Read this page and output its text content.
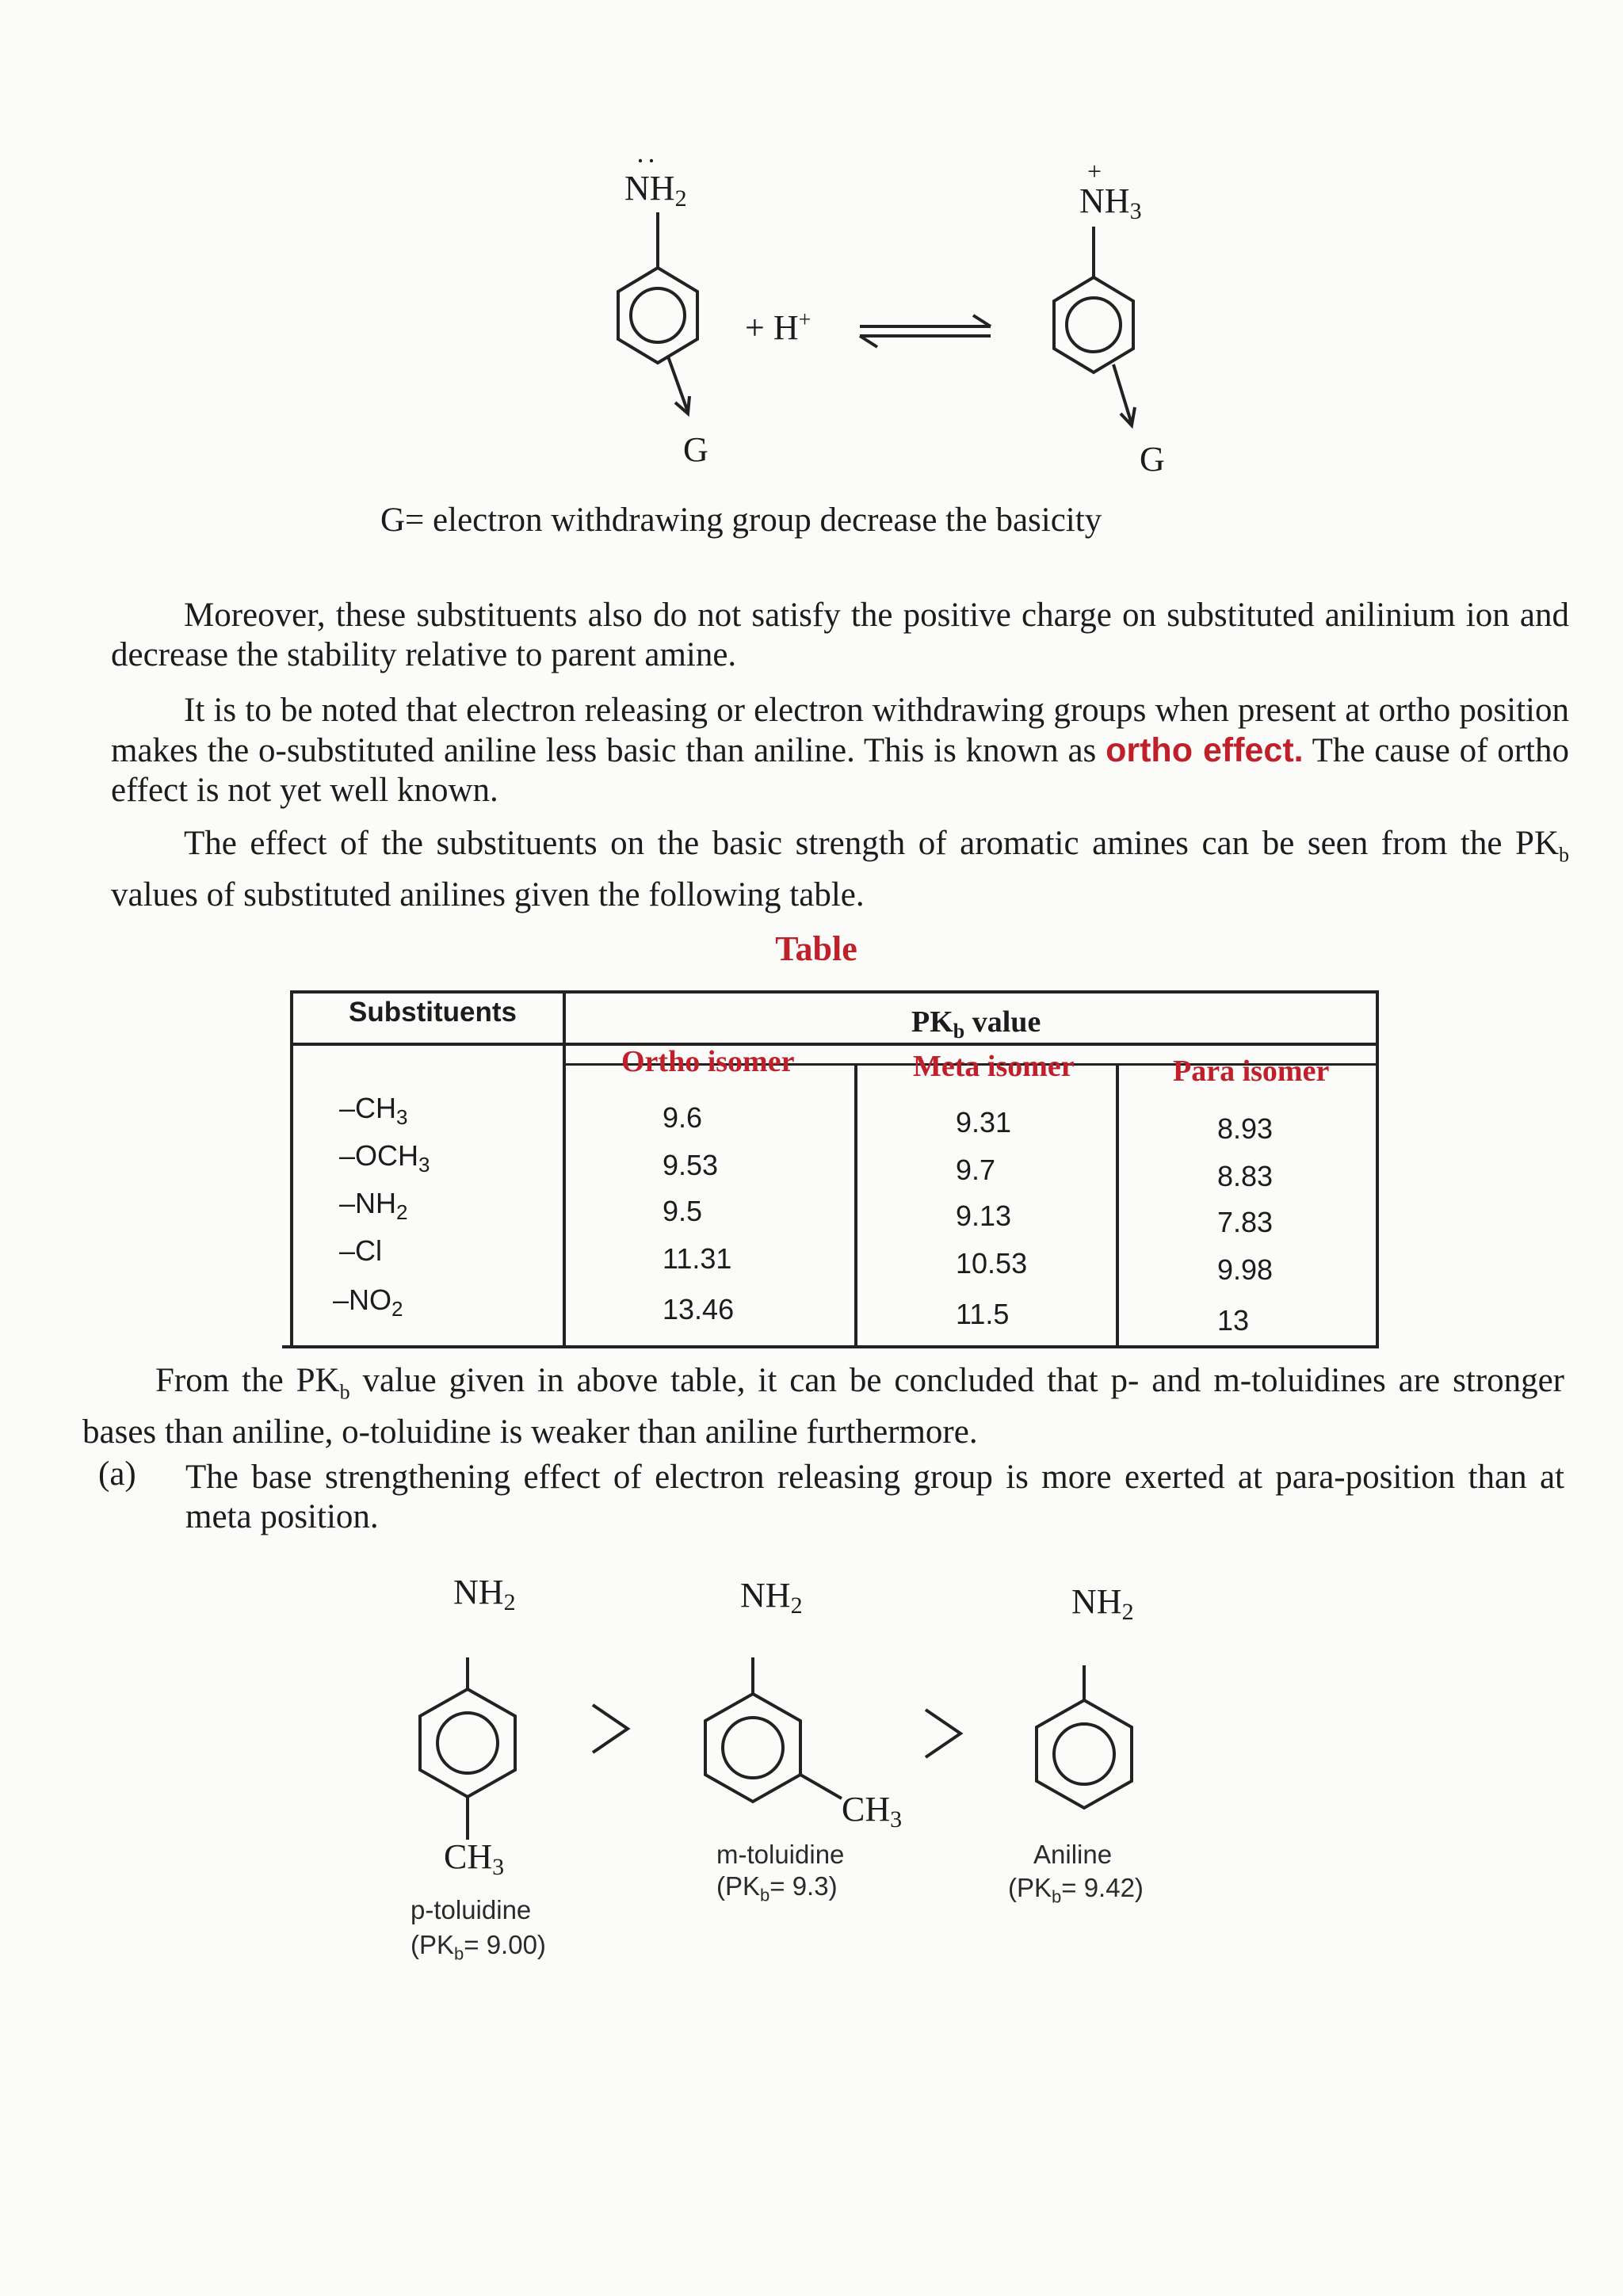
··
$NH_2$
+
$NH_3$
+ H+
G	G
G= electron withdrawing group decrease the basicity
Moreover, these substituents also do not satisfy the positive charge on substituted anilinium ion and decrease the stability relative to parent amine.
It is to be noted that electron releasing or electron withdrawing groups when present at ortho position makes the o-substituted aniline less basic than aniline. This is known as ortho effect. The cause of ortho effect is not yet well known.
The effect of the substituents on the basic strength of aromatic amines can be seen from the $PK_b$ values of substituted anilines given the following table.
Table
Substituents	$PK_b$ value
Ortho isomer	Meta isomer	Para isomer
$-CH_3$	9.6	9.31	8.93
$-OCH_3$	9.53	9.7	8.83
$-NH_2$	9.5	9.13	7.83
–Cl	11.31	10.53	9.98
$-NO_2$	13.46	11.5	13
From the $PK_b$ value given in above table, it can be concluded that p- and m-toluidines are stronger bases than aniline, o-toluidine is weaker than aniline furthermore.
(a) The base strengthening effect of electron releasing group is more exerted at para-position than at meta position.
$NH_2$	$NH_2$	$NH_2$
$CH_3$
$CH_3$
m-toluidine
$(PK_b= 9.3)$
Aniline
$(PK_b= 9.42)$
p-toluidine
$(PK_b= 9.00)$
